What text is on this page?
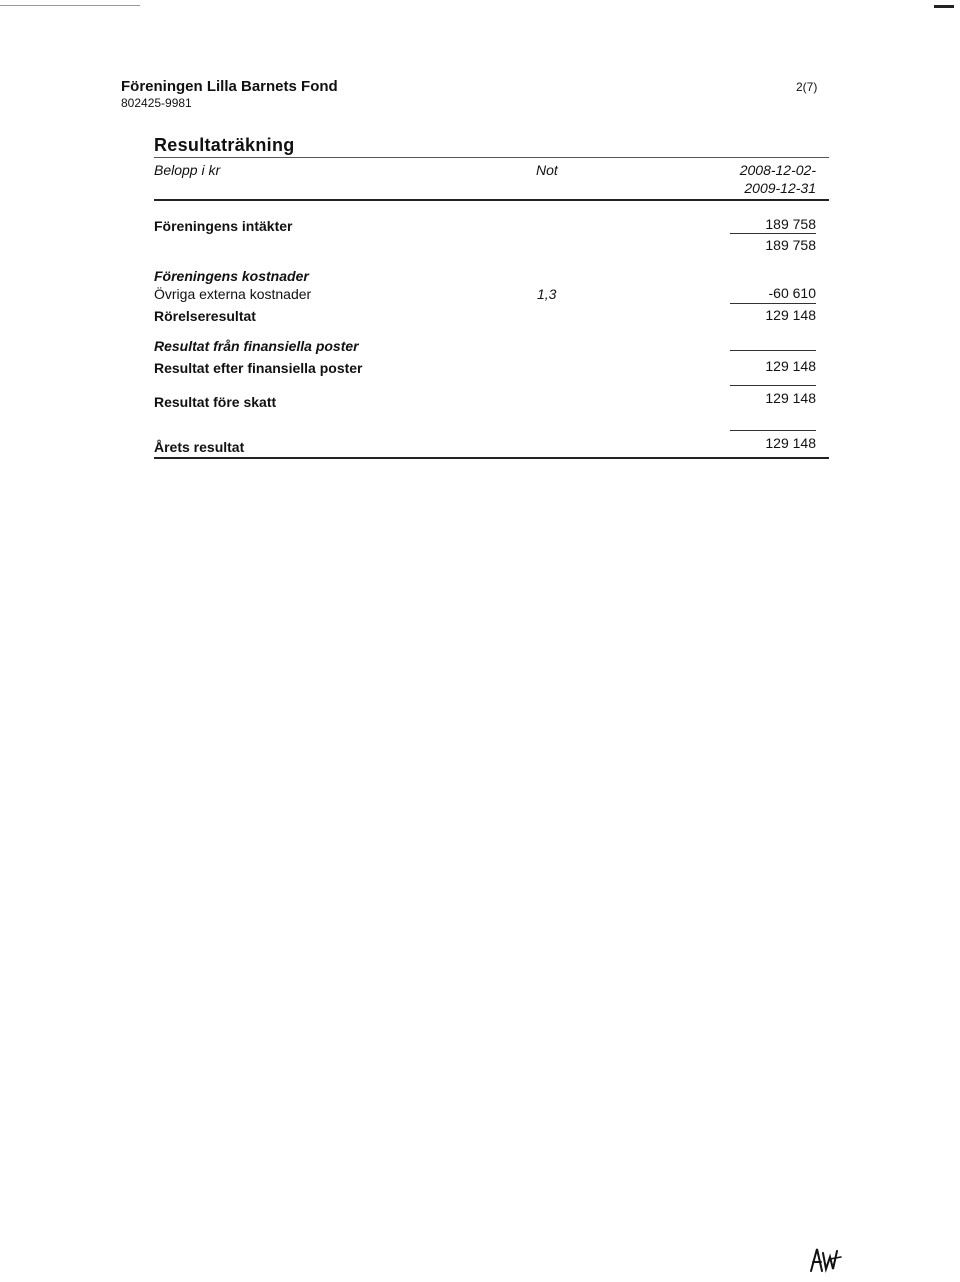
Föreningen Lilla Barnets Fond
802425-9981
2(7)
Resultaträkning
Belopp i kr	Not	2008-12-02-
2009-12-31
Föreningens intäkter	189 758
189 758
Föreningens kostnader
Övriga externa kostnader	1,3	-60 610
Rörelseresultat	129 148
Resultat från finansiella poster
Resultat efter finansiella poster	129 148
Resultat före skatt	129 148
Årets resultat	129 148
